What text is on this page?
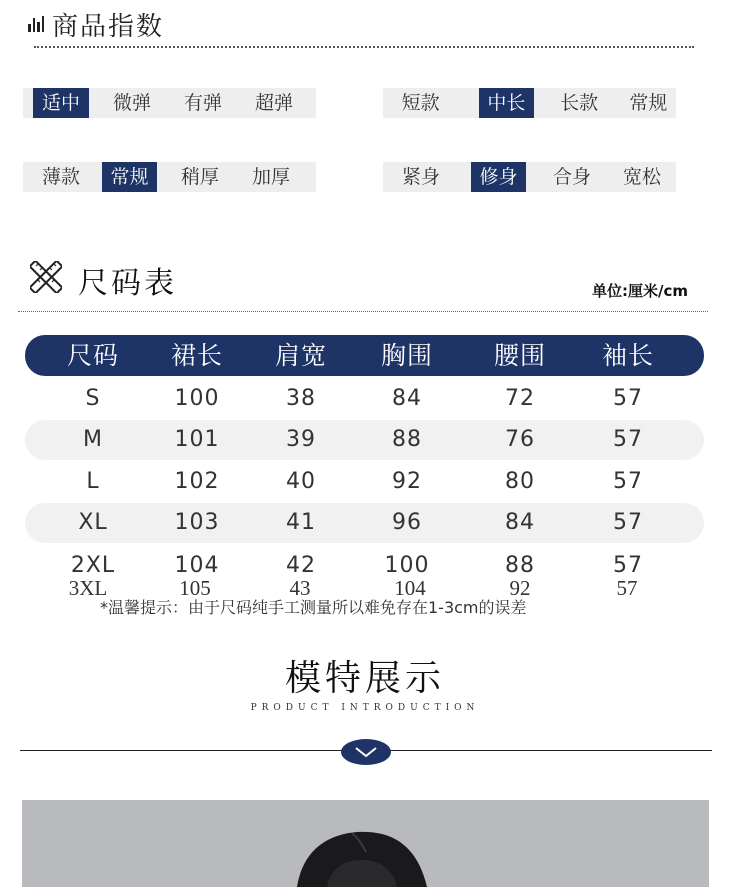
商品指数
适中	微弹	有弹	超弹	短款	中长	长款	常规
薄款	常规	稍厚	加厚	紧身	修身	合身	宽松
尺码表	单位:厘米/cm
尺码	裙长	肩宽	胸围	腰围	袖长
S	100	38	84	72	57
M	101	39	88	76	57
L	102	40	92	80	57
XL	103	41	96	84	57
2XL	104	42	100	88	57
3XL	105	43	104	92	57
*温馨提示：由于尺码纯手工测量所以难免存在1-3cm的误差
模特展示
PRODUCT INTRODUCTION
